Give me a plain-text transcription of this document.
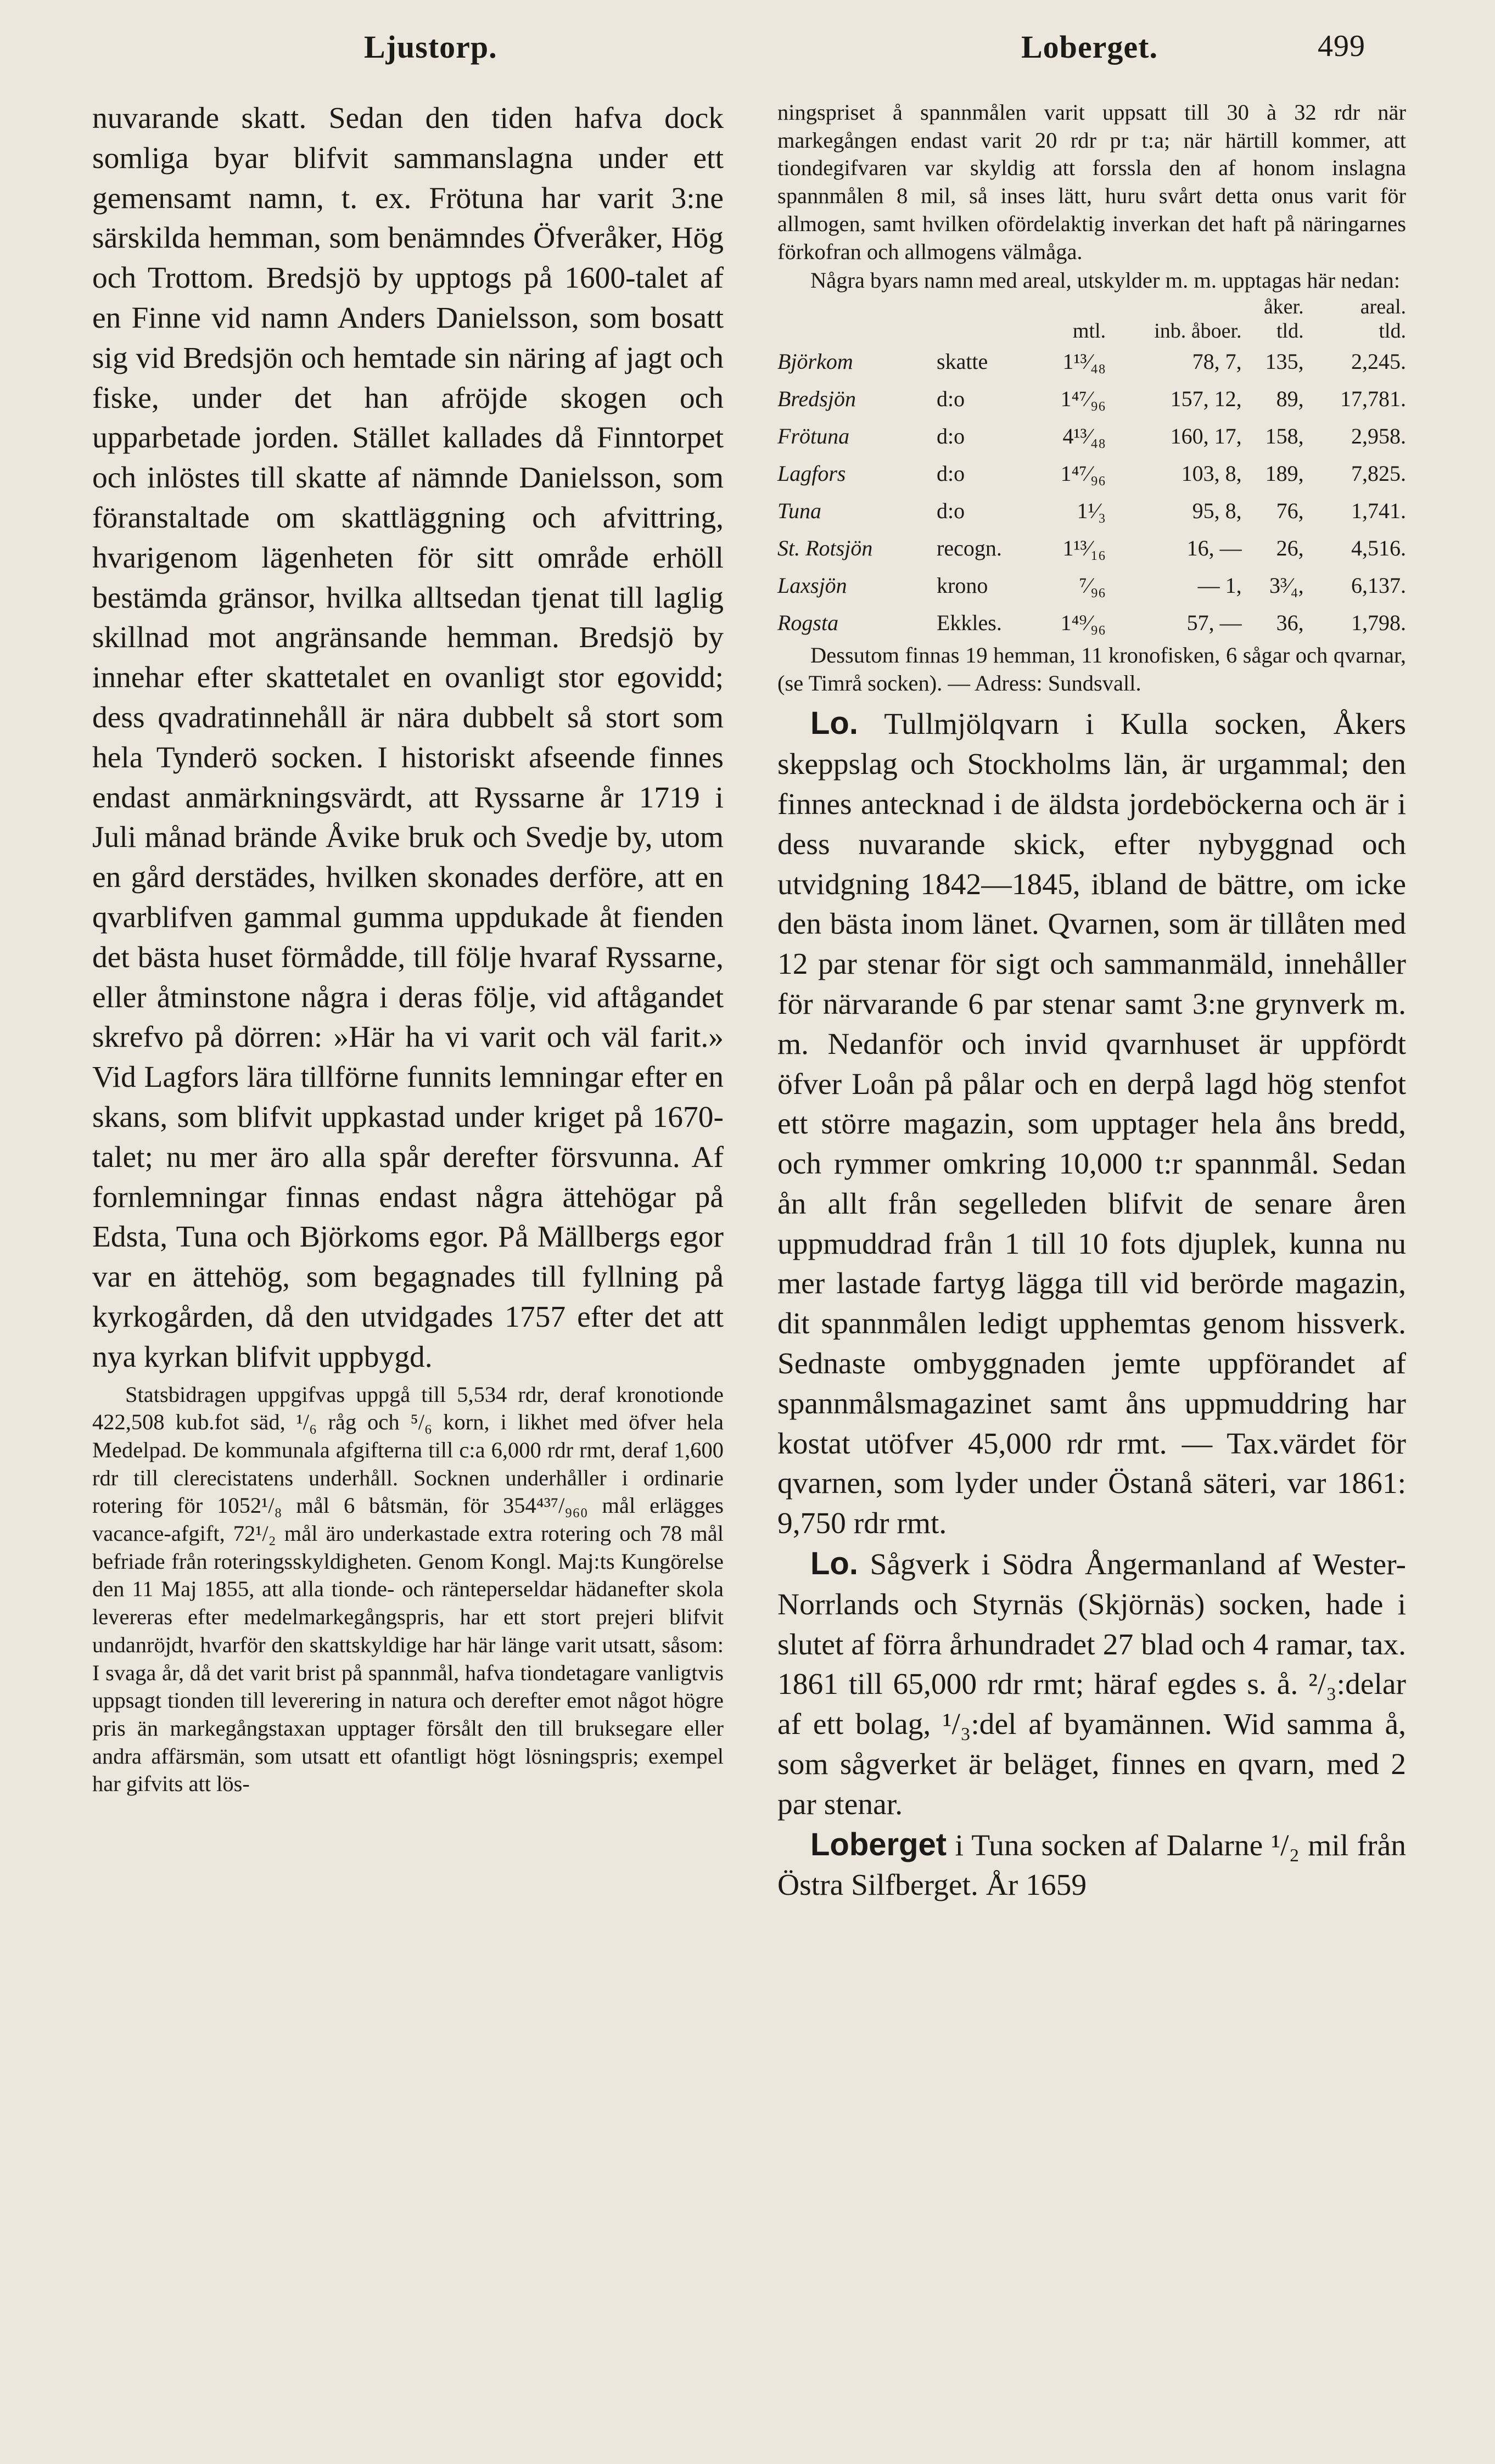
Ljustorp.	Loberget.	499

nuvarande skatt. Sedan den tiden hafva dock somliga byar blifvit sammanslagna under ett gemensamt namn, t. ex. Frötuna har varit 3:ne särskilda hemman, som benämndes Öfveråker, Hög och Trottom. Bredsjö by upptogs på 1600-talet af en Finne vid namn Anders Danielsson, som bosatt sig vid Bredsjön och hemtade sin näring af jagt och fiske, under det han afröjde skogen och upparbetade jorden. Stället kallades då Finntorpet och inlöstes till skatte af nämnde Danielsson, som föranstaltade om skattläggning och afvittring, hvarigenom lägenheten för sitt område erhöll bestämda gränsor, hvilka alltsedan tjenat till laglig skillnad mot angränsande hemman. Bredsjö by innehar efter skattetalet en ovanligt stor egovidd; dess qvadratinnehåll är nära dubbelt så stort som hela Tynderö socken. I historiskt afseende finnes endast anmärkningsvärdt, att Ryssarne år 1719 i Juli månad brände Åvike bruk och Svedje by, utom en gård derstädes, hvilken skonades derföre, att en qvarblifven gammal gumma uppdukade åt fienden det bästa huset förmådde, till följe hvaraf Ryssarne, eller åtminstone några i deras följe, vid aftågandet skrefvo på dörren: »Här ha vi varit och väl farit.» Vid Lagfors lära tillförne funnits lemningar efter en skans, som blifvit uppkastad under kriget på 1670-talet; nu mer äro alla spår derefter försvunna. Af fornlemningar finnas endast några ättehögar på Edsta, Tuna och Björkoms egor. På Mällbergs egor var en ättehög, som begagnades till fyllning på kyrkogården, då den utvidgades 1757 efter det att nya kyrkan blifvit uppbygd.

Statsbidragen uppgifvas uppgå till 5,534 rdr, deraf kronotionde 422,508 kub.fot säd, ¹/₆ råg och ⁵/₆ korn, i likhet med öfver hela Medelpad. De kommunala afgifterna till c:a 6,000 rdr rmt, deraf 1,600 rdr till clerecistatens underhåll. Socknen underhåller i ordinarie rotering för 1052¹/₈ mål 6 båtsmän, för 354⁴³⁷/₉₆₀ mål erlägges vacance-afgift, 72¹/₂ mål äro underkastade extra rotering och 78 mål befriade från roteringsskyldigheten. Genom Kongl. Maj:ts Kungörelse den 11 Maj 1855, att alla tionde- och ränteperseldar hädanefter skola levereras efter medelmarkegångspris, har ett stort prejeri blifvit undanröjdt, hvarför den skattskyldige har här länge varit utsatt, såsom: I svaga år, då det varit brist på spannmål, hafva tiondetagare vanligtvis uppsagt tionden till leverering in natura och derefter emot något högre pris än markegångstaxan upptager försålt den till bruksegare eller andra affärsmän, som utsatt ett ofantligt högt lösningspris; exempel har gifvits att lös-

ningspriset å spannmålen varit uppsatt till 30 à 32 rdr när markegången endast varit 20 rdr pr t:a; när härtill kommer, att tiondegifvaren var skyldig att forssla den af honom inslagna spannmålen 8 mil, så inses lätt, huru svårt detta onus varit för allmogen, samt hvilken ofördelaktig inverkan det haft på näringarnes förkofran och allmogens välmåga.

Några byars namn med areal, utskylder m. m. upptagas här nedan:

				åker.	areal.
		mtl.	inb. åboer.	tld.	tld.
Björkom	skatte	1¹³⁄₄₈	78, 7,	135,	2,245.
Bredsjön	d:o	1⁴⁷⁄₉₆	157, 12,	89,	17,781.
Frötuna	d:o	4¹³⁄₄₈	160, 17,	158,	2,958.
Lagfors	d:o	1⁴⁷⁄₉₆	103, 8,	189,	7,825.
Tuna	d:o	1¹⁄₃	95, 8,	76,	1,741.
St. Rotsjön	recogn.	1¹³⁄₁₆	16, —	26,	4,516.
Laxsjön	krono	⁷⁄₉₆	— 1,	3³⁄₄,	6,137.
Rogsta	Ekkles.	1⁴⁹⁄₉₆	57, —	36,	1,798.

Dessutom finnas 19 hemman, 11 kronofisken, 6 sågar och qvarnar, (se Timrå socken). — Adress: Sundsvall.

Lo. Tullmjölqvarn i Kulla socken, Åkers skeppslag och Stockholms län, är urgammal; den finnes antecknad i de äldsta jordeböckerna och är i dess nuvarande skick, efter nybyggnad och utvidgning 1842—1845, ibland de bättre, om icke den bästa inom länet. Qvarnen, som är tillåten med 12 par stenar för sigt och sammanmäld, innehåller för närvarande 6 par stenar samt 3:ne grynverk m. m. Nedanför och invid qvarnhuset är uppfördt öfver Loån på pålar och en derpå lagd hög stenfot ett större magazin, som upptager hela åns bredd, och rymmer omkring 10,000 t:r spannmål. Sedan ån allt från segelleden blifvit de senare åren uppmuddrad från 1 till 10 fots djuplek, kunna nu mer lastade fartyg lägga till vid berörde magazin, dit spannmålen ledigt upphemtas genom hissverk. Sednaste ombyggnaden jemte uppförandet af spannmålsmagazinet samt åns uppmuddring har kostat utöfver 45,000 rdr rmt. — Tax.värdet för qvarnen, som lyder under Östanå säteri, var 1861: 9,750 rdr rmt.

Lo. Sågverk i Södra Ångermanland af Wester-Norrlands och Styrnäs (Skjörnäs) socken, hade i slutet af förra århundradet 27 blad och 4 ramar, tax. 1861 till 65,000 rdr rmt; häraf egdes s. å. ²/₃:delar af ett bolag, ¹/₃:del af byamännen. Wid samma å, som sågverket är beläget, finnes en qvarn, med 2 par stenar.

Loberget i Tuna socken af Dalarne ¹/₂ mil från Östra Silfberget. År 1659
